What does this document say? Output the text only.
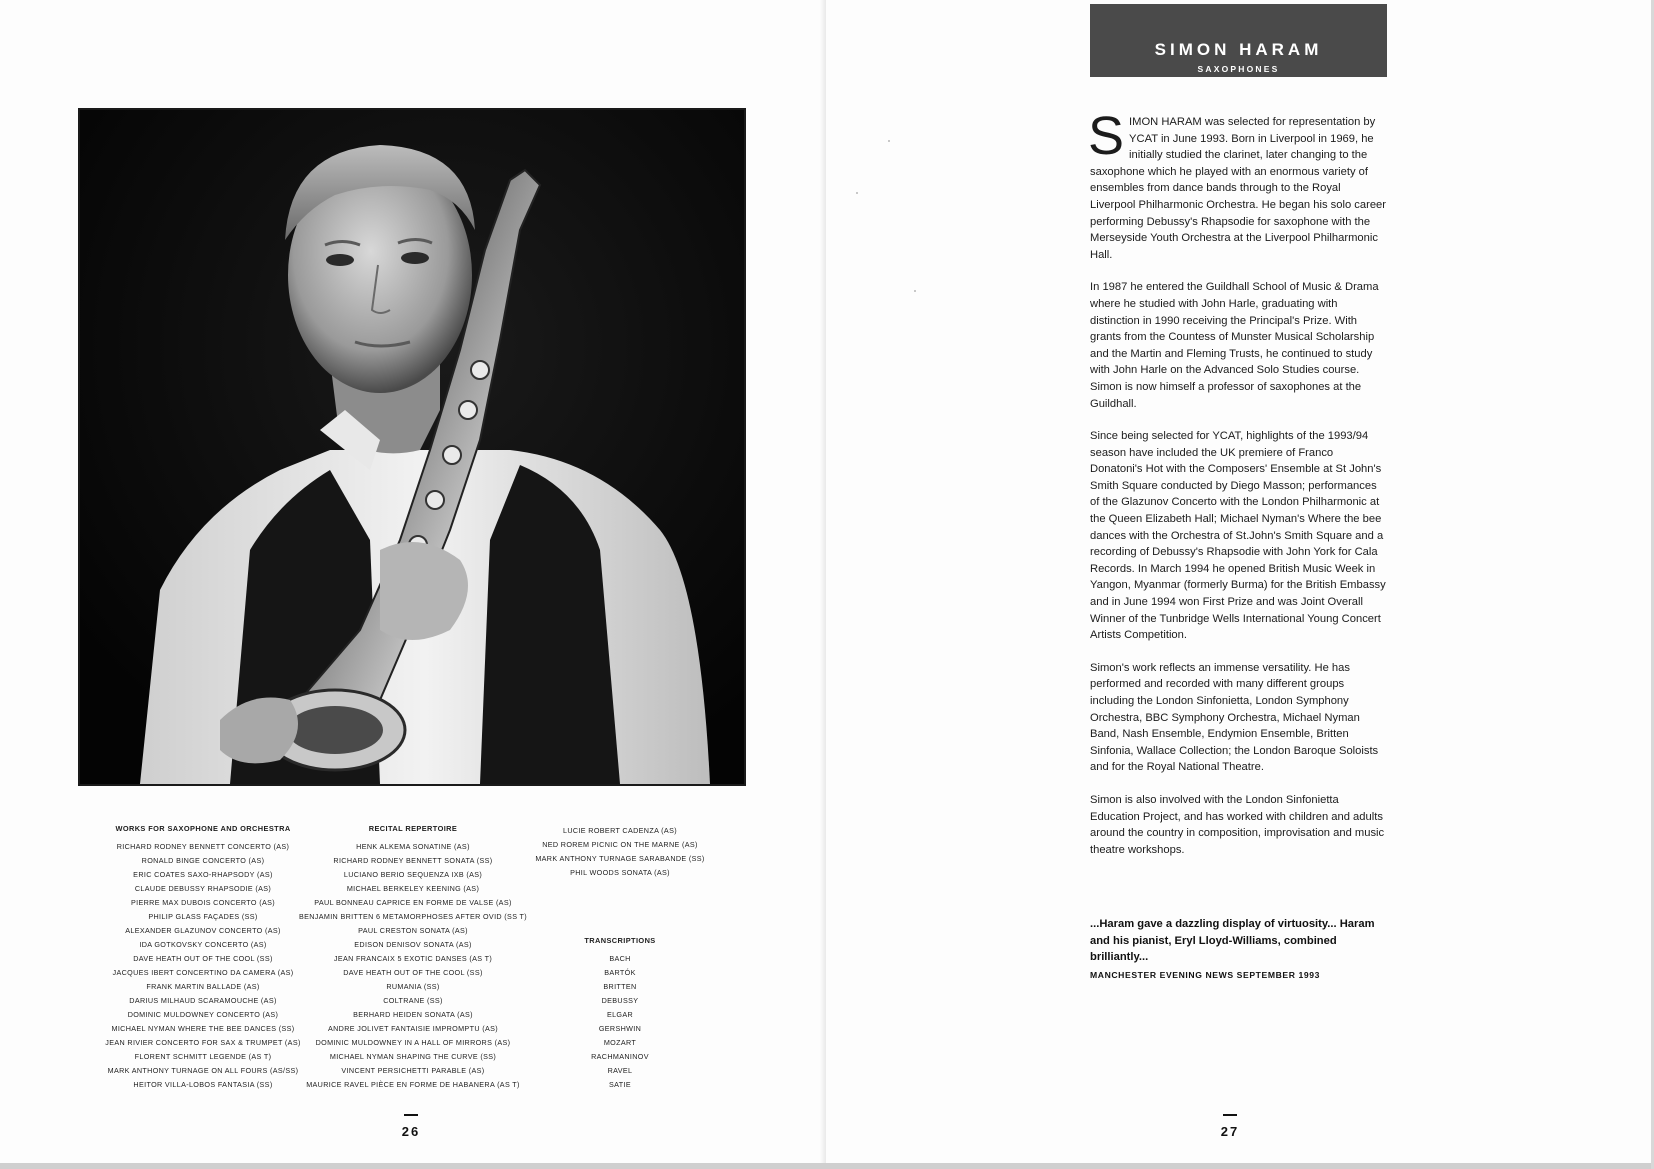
WORKS FOR SAXOPHONE AND ORCHESTRA
RICHARD RODNEY BENNETT CONCERTO (AS)
RONALD BINGE CONCERTO (AS)
ERIC COATES SAXO-RHAPSODY (AS)
CLAUDE DEBUSSY RHAPSODIE (AS)
PIERRE MAX DUBOIS CONCERTO (AS)
PHILIP GLASS FAÇADES (SS)
ALEXANDER GLAZUNOV CONCERTO (AS)
IDA GOTKOVSKY CONCERTO (AS)
DAVE HEATH OUT OF THE COOL (SS)
JACQUES IBERT CONCERTINO DA CAMERA (AS)
FRANK MARTIN BALLADE (AS)
DARIUS MILHAUD SCARAMOUCHE (AS)
DOMINIC MULDOWNEY CONCERTO (AS)
MICHAEL NYMAN WHERE THE BEE DANCES (SS)
JEAN RIVIER CONCERTO FOR SAX & TRUMPET (AS)
FLORENT SCHMITT LEGENDE (AS T)
MARK ANTHONY TURNAGE ON ALL FOURS (AS/SS)
HEITOR VILLA-LOBOS FANTASIA (SS)
RECITAL REPERTOIRE
HENK ALKEMA SONATINE (AS)
RICHARD RODNEY BENNETT SONATA (SS)
LUCIANO BERIO SEQUENZA IXB (AS)
MICHAEL BERKELEY KEENING (AS)
PAUL BONNEAU CAPRICE EN FORME DE VALSE (AS)
BENJAMIN BRITTEN 6 METAMORPHOSES AFTER OVID (SS T)
PAUL CRESTON SONATA (AS)
EDISON DENISOV SONATA (AS)
JEAN FRANCAIX 5 EXOTIC DANSES (AS T)
DAVE HEATH OUT OF THE COOL (SS)
RUMANIA (SS)
COLTRANE (SS)
BERHARD HEIDEN SONATA (AS)
ANDRE JOLIVET FANTAISIE IMPROMPTU (AS)
DOMINIC MULDOWNEY IN A HALL OF MIRRORS (AS)
MICHAEL NYMAN SHAPING THE CURVE (SS)
VINCENT PERSICHETTI PARABLE (AS)
MAURICE RAVEL PIÈCE EN FORME DE HABANERA (AS T)
LUCIE ROBERT CADENZA (AS)
NED ROREM PICNIC ON THE MARNE (AS)
MARK ANTHONY TURNAGE SARABANDE (SS)
PHIL WOODS SONATA (AS)
TRANSCRIPTIONS
BACH
BARTÓK
BRITTEN
DEBUSSY
ELGAR
GERSHWIN
MOZART
RACHMANINOV
RAVEL
SATIE
26
SIMON HARAM
SAXOPHONES

SIMON HARAM was selected for representation by YCAT in June 1993. Born in Liverpool in 1969, he initially studied the clarinet, later changing to the saxophone which he played with an enormous variety of ensembles from dance bands through to the Royal Liverpool Philharmonic Orchestra. He began his solo career performing Debussy's Rhapsodie for saxophone with the Merseyside Youth Orchestra at the Liverpool Philharmonic Hall.

In 1987 he entered the Guildhall School of Music & Drama where he studied with John Harle, graduating with distinction in 1990 receiving the Principal's Prize. With grants from the Countess of Munster Musical Scholarship and the Martin and Fleming Trusts, he continued to study with John Harle on the Advanced Solo Studies course. Simon is now himself a professor of saxophones at the Guildhall.

Since being selected for YCAT, highlights of the 1993/94 season have included the UK premiere of Franco Donatoni's Hot with the Composers' Ensemble at St John's Smith Square conducted by Diego Masson; performances of the Glazunov Concerto with the London Philharmonic at the Queen Elizabeth Hall; Michael Nyman's Where the bee dances with the Orchestra of St.John's Smith Square and a recording of Debussy's Rhapsodie with John York for Cala Records. In March 1994 he opened British Music Week in Yangon, Myanmar (formerly Burma) for the British Embassy and in June 1994 won First Prize and was Joint Overall Winner of the Tunbridge Wells International Young Concert Artists Competition.

Simon's work reflects an immense versatility. He has performed and recorded with many different groups including the London Sinfonietta, London Symphony Orchestra, BBC Symphony Orchestra, Michael Nyman Band, Nash Ensemble, Endymion Ensemble, Britten Sinfonia, Wallace Collection; the London Baroque Soloists and for the Royal National Theatre.

Simon is also involved with the London Sinfonietta Education Project, and has worked with children and adults around the country in composition, improvisation and music theatre workshops.

...Haram gave a dazzling display of virtuosity... Haram and his pianist, Eryl Lloyd-Williams, combined brilliantly...
MANCHESTER EVENING NEWS SEPTEMBER 1993
27
